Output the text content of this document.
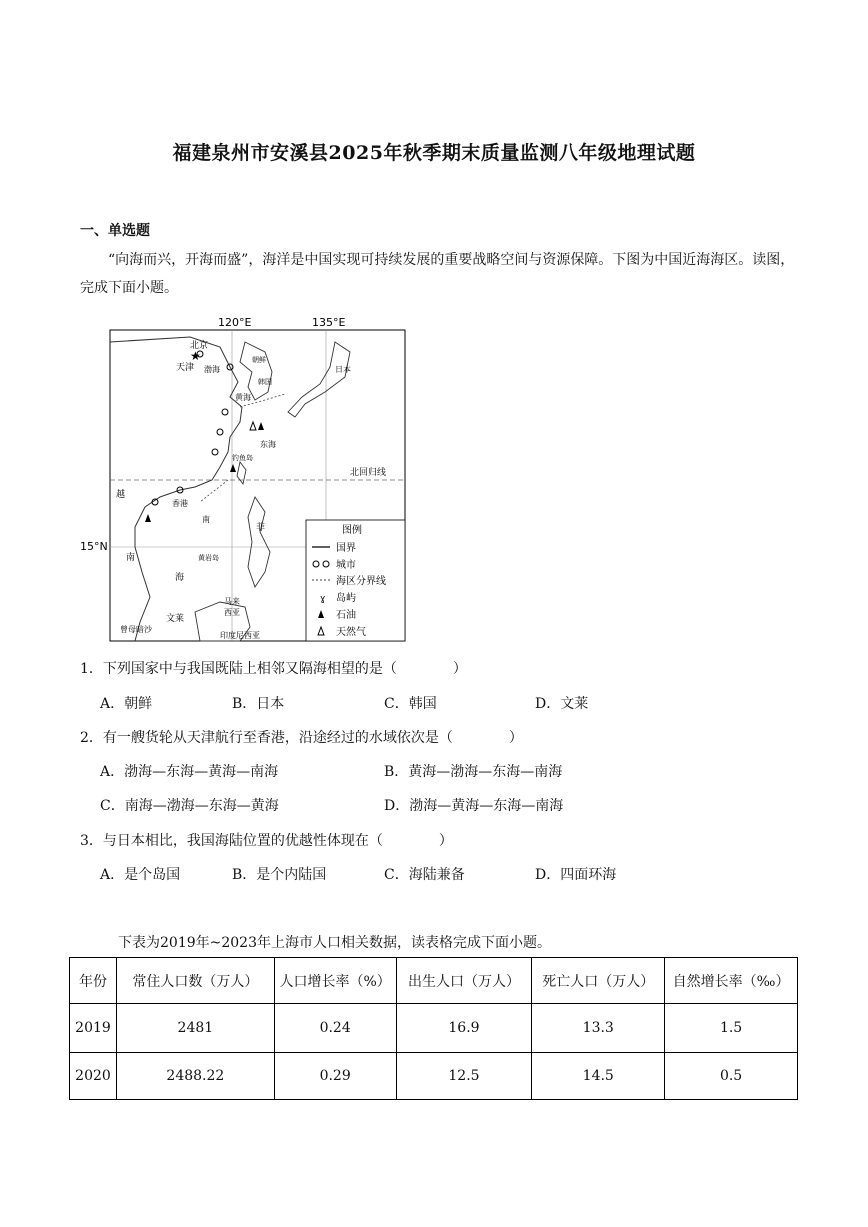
福建泉州市安溪县2025年秋季期末质量监测八年级地理试题
一、单选题
“向海而兴，开海而盛”，海洋是中国实现可持续发展的重要战略空间与资源保障。下图为中国近海海区。读图，完成下面小题。
120°E	135°E
15°N
北回归线
★
北京
天津 渤海
黄海
东海
钓鱼岛
香港
朝鲜
韩国
日本
越
南
菲
黄岩岛
南
海
文莱
曾母暗沙
马来
西亚
印度尼西亚
图例
国界
城市
海区分界线
ɣ 岛屿
石油
天然气
1．下列国家中与我国既陆上相邻又隔海相望的是（　　　　）
A．朝鲜	B．日本	C．韩国	D．文莱
2．有一艘货轮从天津航行至香港，沿途经过的水域依次是（　　　　）
A．渤海—东海—黄海—南海	B．黄海—渤海—东海—南海
C．南海—渤海—东海—黄海	D．渤海—黄海—东海—南海
3．与日本相比，我国海陆位置的优越性体现在（　　　　）
A．是个岛国	B．是个内陆国	C．海陆兼备	D．四面环海
下表为2019年~2023年上海市人口相关数据，读表格完成下面小题。
年份	常住人口数（万人）	人口增长率（%）	出生人口（万人）	死亡人口（万人）	自然增长率（‰）
2019	2481	0.24	16.9	13.3	1.5
2020	2488.22	0.29	12.5	14.5	0.5
